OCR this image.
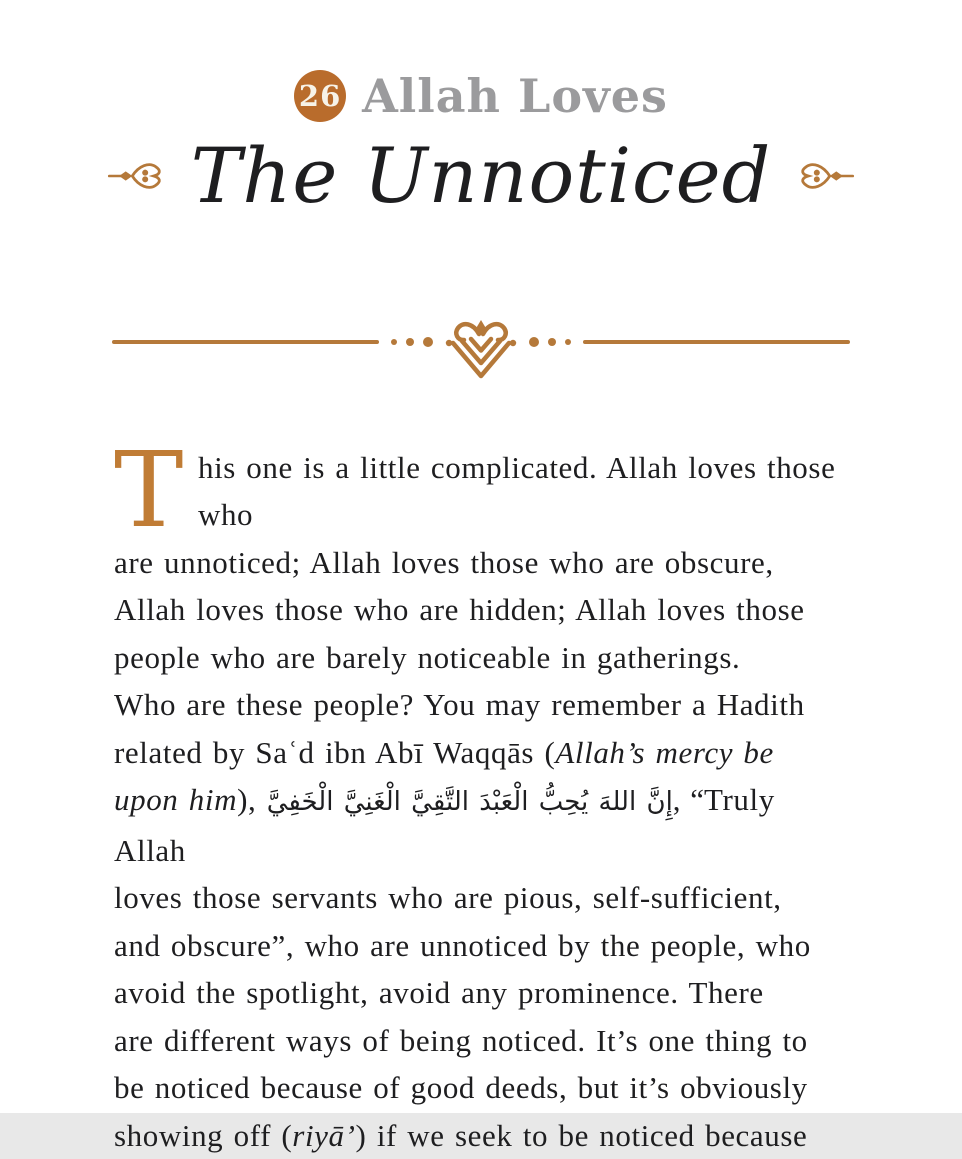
26 Allah Loves
The Unnoticed

This one is a little complicated. Allah loves those who
are unnoticed; Allah loves those who are obscure,
Allah loves those who are hidden; Allah loves those
people who are barely noticeable in gatherings.
Who are these people? You may remember a Hadith
related by Saʿd ibn Abī Waqqās (Allah’s mercy be
upon him), إِنَّ اللهَ يُحِبُّ الْعَبْدَ التَّقِيَّ الْغَنِيَّ الْخَفِيَّ, “Truly Allah
loves those servants who are pious, self-sufficient,
and obscure”, who are unnoticed by the people, who
avoid the spotlight, avoid any prominence. There
are different ways of being noticed. It’s one thing to
be noticed because of good deeds, but it’s obviously
showing off (riyā’) if we seek to be noticed because
